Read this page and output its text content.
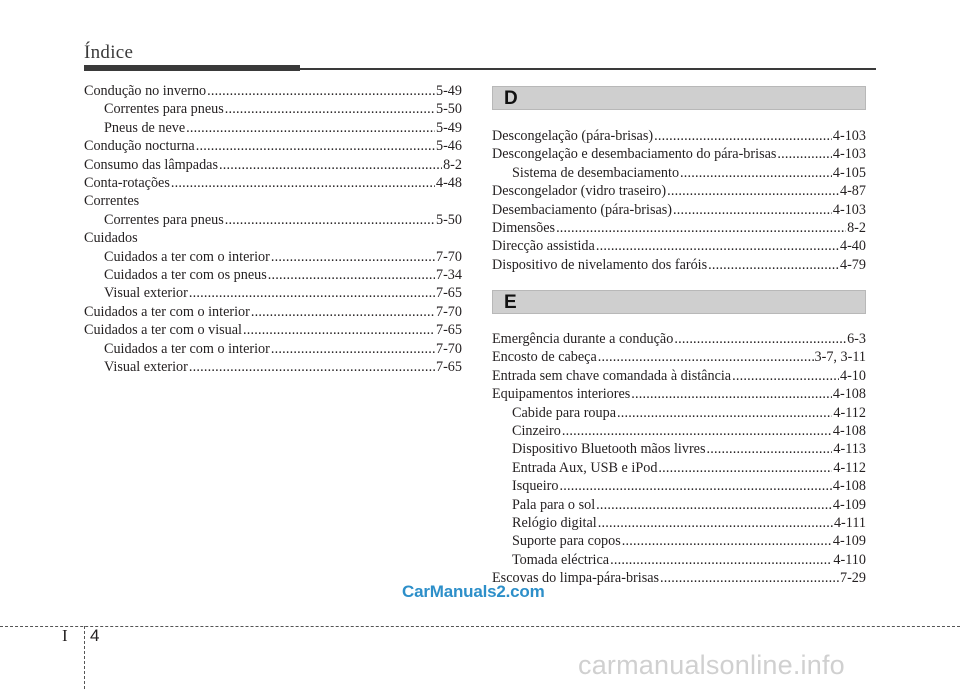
Índice
Condução no inverno .....	5-49
Correntes para pneus .....	5-50
Pneus de neve .....	5-49
Condução nocturna .....	5-46
Consumo das lâmpadas .....	8-2
Conta-rotações .....	4-48
Correntes
Correntes para pneus .....	5-50
Cuidados
Cuidados a ter com o interior .....	7-70
Cuidados a ter com os pneus .....	7-34
Visual exterior .....	7-65
Cuidados a ter com o interior .....	7-70
Cuidados a ter com o visual .....	7-65
Cuidados a ter com o interior .....	7-70
Visual exterior .....	7-65
D
Descongelação (pára-brisas) .....	4-103
Descongelação e desembaciamento do pára-brisas .....	4-103
Sistema de desembaciamento .....	4-105
Descongelador (vidro traseiro) .....	4-87
Desembaciamento (pára-brisas) .....	4-103
Dimensões .....	8-2
Direcção assistida .....	4-40
Dispositivo de nivelamento dos faróis .....	4-79
E
Emergência durante a condução .....	6-3
Encosto de cabeça .....	3-7, 3-11
Entrada sem chave comandada à distância .....	4-10
Equipamentos interiores .....	4-108
Cabide para roupa .....	4-112
Cinzeiro .....	4-108
Dispositivo Bluetooth mãos livres .....	4-113
Entrada Aux, USB e iPod .....	4-112
Isqueiro .....	4-108
Pala para o sol .....	4-109
Relógio digital .....	4-111
Suporte para copos .....	4-109
Tomada eléctrica .....	4-110
Escovas do limpa-pára-brisas .....	7-29
CarManuals2.com
I 4
carmanualsonline.info
